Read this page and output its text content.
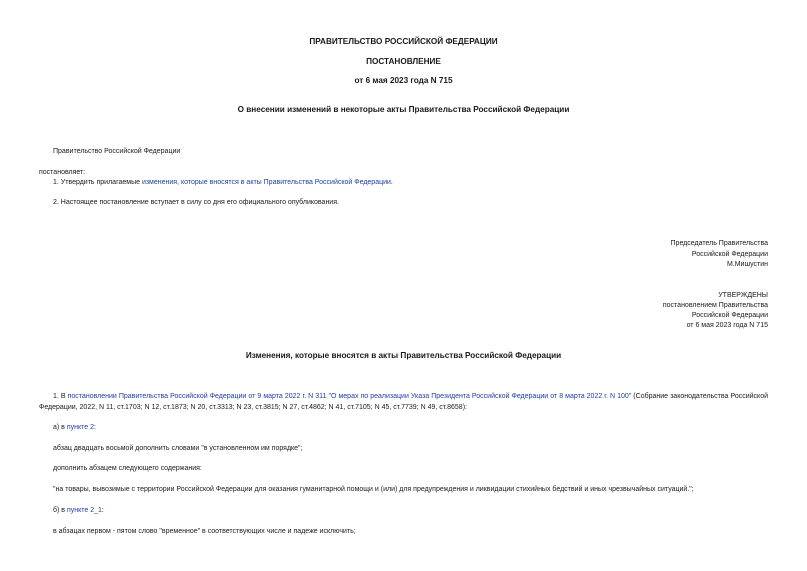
ПРАВИТЕЛЬСТВО РОССИЙСКОЙ ФЕДЕРАЦИИ
ПОСТАНОВЛЕНИЕ
от 6 мая 2023 года N 715
О внесении изменений в некоторые акты Правительства Российской Федерации
Правительство Российской Федерации
постановляет:
1. Утвердить прилагаемые изменения, которые вносятся в акты Правительства Российской Федерации.
2. Настоящее постановление вступает в силу со дня его официального опубликования.
Председатель Правительства
Российской Федерации
М.Мишустин
УТВЕРЖДЕНЫ
постановлением Правительства
Российской Федерации
от 6 мая 2023 года N 715
Изменения, которые вносятся в акты Правительства Российской Федерации
1. В постановлении Правительства Российской Федерации от 9 марта 2022 г. N 311 "О мерах по реализации Указа Президента Российской Федерации от 8 марта 2022 г. N 100" (Собрание законодательства Российской Федерации, 2022, N 11, ст.1703; N 12, ст.1873; N 20, ст.3313; N 23, ст.3815; N 27, ст.4862; N 41, ст.7105; N 45, ст.7739; N 49, ст.8658):
а) в пункте 2:
абзац двадцать восьмой дополнить словами "в установленном им порядке";
дополнить абзацем следующего содержания:
"на товары, вывозимые с территории Российской Федерации для оказания гуманитарной помощи и (или) для предупреждения и ликвидации стихийных бедствий и иных чрезвычайных ситуаций.";
б) в пункте 2_1:
в абзацах первом - пятом слово "временное" в соответствующих числе и падеже исключить;
